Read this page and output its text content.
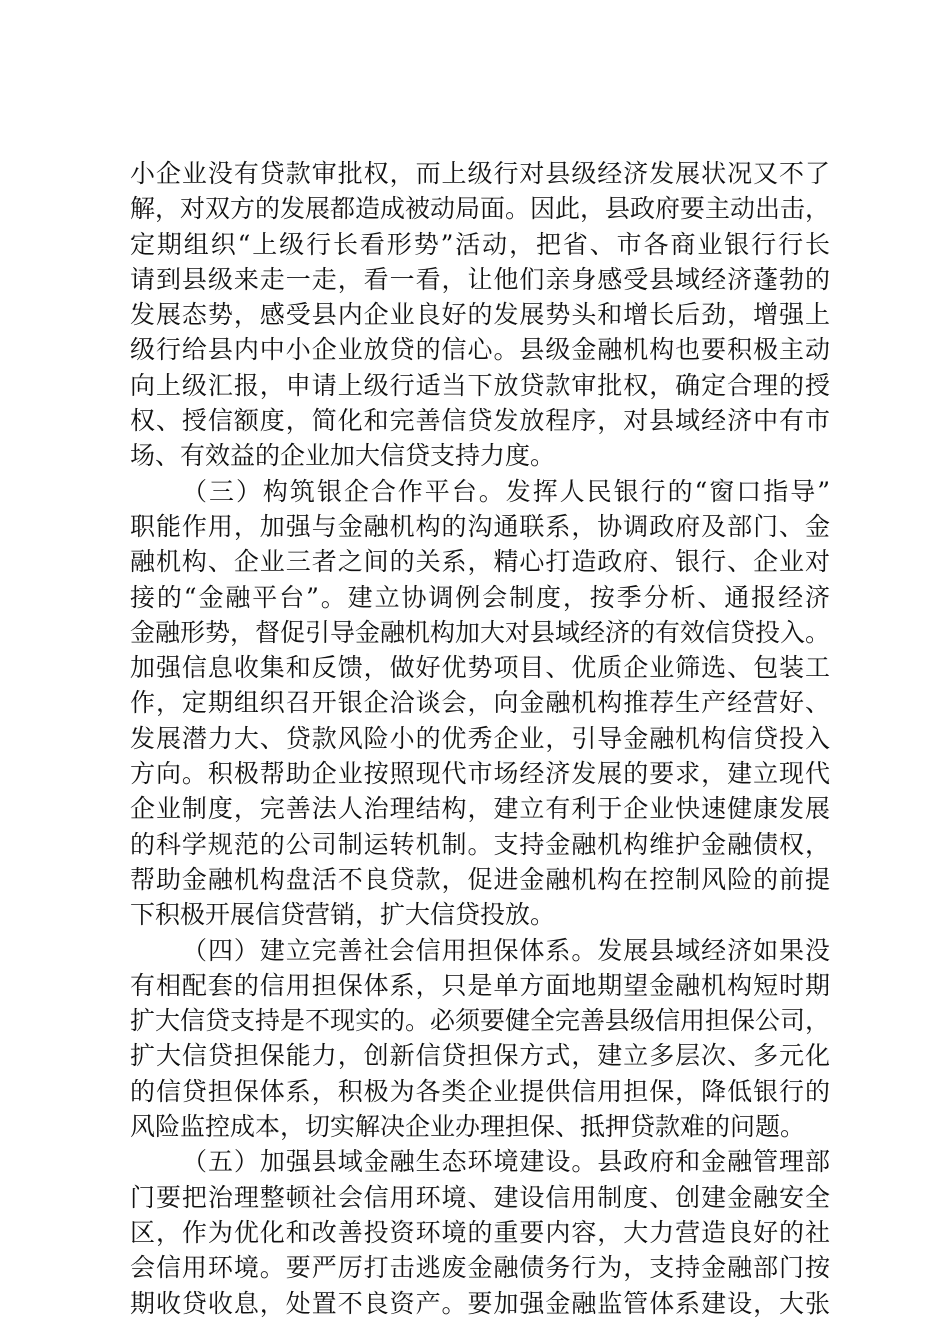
小企业没有贷款审批权，而上级行对县级经济发展状况又不了
解，对双方的发展都造成被动局面。因此，县政府要主动出击，
定期组织“上级行长看形势”活动，把省、市各商业银行行长
请到县级来走一走，看一看，让他们亲身感受县域经济蓬勃的
发展态势，感受县内企业良好的发展势头和增长后劲，增强上
级行给县内中小企业放贷的信心。县级金融机构也要积极主动
向上级汇报，申请上级行适当下放贷款审批权，确定合理的授
权、授信额度，简化和完善信贷发放程序，对县域经济中有市
场、有效益的企业加大信贷支持力度。
（三）构筑银企合作平台。发挥人民银行的“窗口指导”
职能作用，加强与金融机构的沟通联系，协调政府及部门、金
融机构、企业三者之间的关系，精心打造政府、银行、企业对
接的“金融平台”。建立协调例会制度，按季分析、通报经济
金融形势，督促引导金融机构加大对县域经济的有效信贷投入。
加强信息收集和反馈，做好优势项目、优质企业筛选、包装工
作，定期组织召开银企洽谈会，向金融机构推荐生产经营好、
发展潜力大、贷款风险小的优秀企业，引导金融机构信贷投入
方向。积极帮助企业按照现代市场经济发展的要求，建立现代
企业制度，完善法人治理结构，建立有利于企业快速健康发展
的科学规范的公司制运转机制。支持金融机构维护金融债权，
帮助金融机构盘活不良贷款，促进金融机构在控制风险的前提
下积极开展信贷营销，扩大信贷投放。
（四）建立完善社会信用担保体系。发展县域经济如果没
有相配套的信用担保体系，只是单方面地期望金融机构短时期
扩大信贷支持是不现实的。必须要健全完善县级信用担保公司，
扩大信贷担保能力，创新信贷担保方式，建立多层次、多元化
的信贷担保体系，积极为各类企业提供信用担保，降低银行的
风险监控成本，切实解决企业办理担保、抵押贷款难的问题。
（五）加强县域金融生态环境建设。县政府和金融管理部
门要把治理整顿社会信用环境、建设信用制度、创建金融安全
区，作为优化和改善投资环境的重要内容，大力营造良好的社
会信用环境。要严厉打击逃废金融债务行为，支持金融部门按
期收贷收息，处置不良资产。要加强金融监管体系建设，大张
